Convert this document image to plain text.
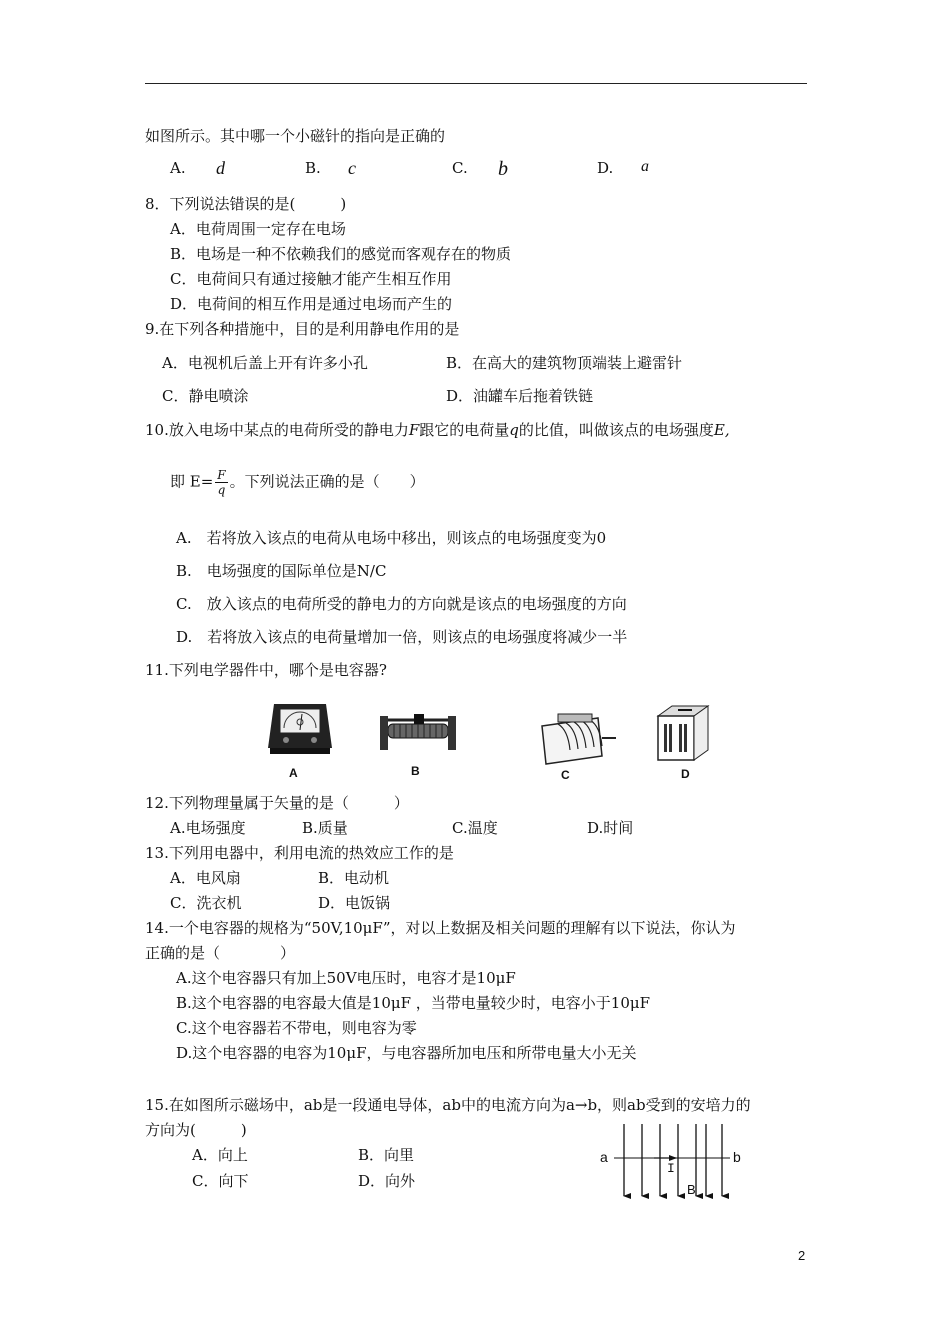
如图所示。其中哪一个小磁针的指向是正确的
A. d	B. c	C. b	D. a
8．下列说法错误的是(　　　)
A．电荷周围一定存在电场
B．电场是一种不依赖我们的感觉而客观存在的物质
C．电荷间只有通过接触才能产生相互作用
D．电荷间的相互作用是通过电场而产生的
9.在下列各种措施中，目的是利用静电作用的是
A．电视机后盖上开有许多小孔	B．在高大的建筑物顶端装上避雷针
C．静电喷涂	D．油罐车后拖着铁链
10.放入电场中某点的电荷所受的静电力F跟它的电荷量q的比值，叫做该点的电场强度E,
即 $E= \frac{F}{q}$ 。下列说法正确的是（　　）
A.　若将放入该点的电荷从电场中移出，则该点的电场强度变为0
B.　电场强度的国际单位是N/C
C.　放入该点的电荷所受的静电力的方向就是该点的电场强度的方向
D.　若将放入该点的电荷量增加一倍，则该点的电场强度将减少一半
11.下列电学器件中，哪个是电容器?
A	B	C	D
12.下列物理量属于矢量的是（　　　）
A.电场强度	B.质量	C.温度	D.时间
13.下列用电器中，利用电流的热效应工作的是
A．电风扇	B．电动机
C．洗衣机	D．电饭锅
14.一个电容器的规格为“50V,10μF”，对以上数据及相关问题的理解有以下说法，你认为
正确的是（　　　　）
A.这个电容器只有加上50V电压时，电容才是10μF
B.这个电容器的电容最大值是10μF ，当带电量较少时，电容小于10μF
C.这个电容器若不带电，则电容为零
D.这个电容器的电容为10μF，与电容器所加电压和所带电量大小无关
15.在如图所示磁场中，ab是一段通电导体，ab中的电流方向为a→b，则ab受到的安培力的
方向为(　　　)
A．向上	B．向里
C．向下	D．向外
a	b
I
B
2
